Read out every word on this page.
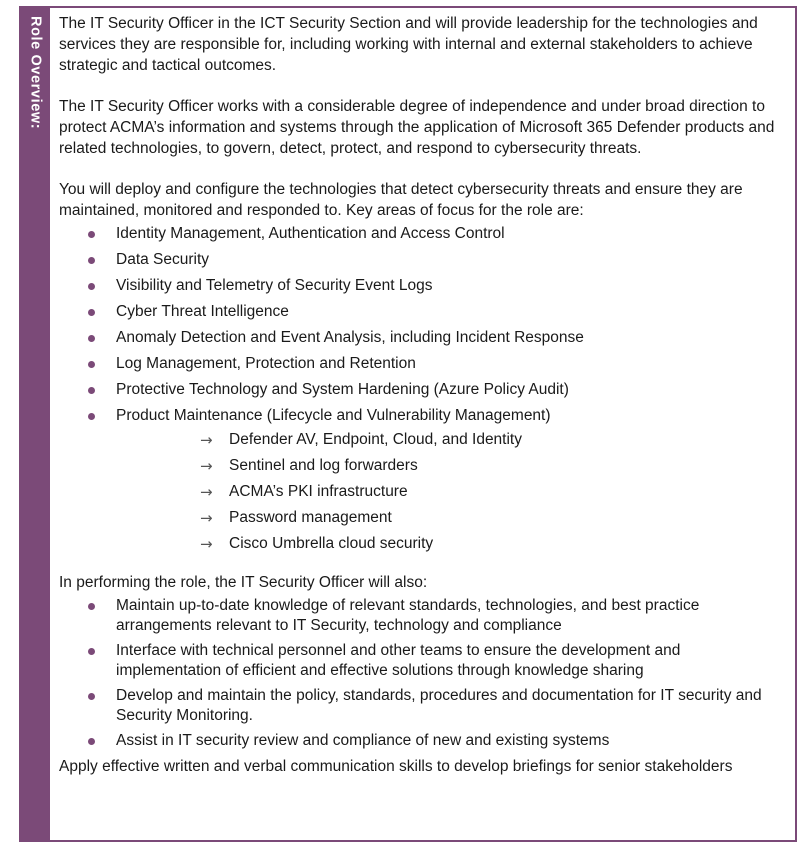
Role Overview: The IT Security Officer in the ICT Security Section and will provide leadership for the technologies and services they are responsible for, including working with internal and external stakeholders to achieve strategic and tactical outcomes.

The IT Security Officer works with a considerable degree of independence and under broad direction to protect ACMA’s information and systems through the application of Microsoft 365 Defender products and related technologies, to govern, detect, protect, and respond to cybersecurity threats.

You will deploy and configure the technologies that detect cybersecurity threats and ensure they are maintained, monitored and responded to. Key areas of focus for the role are:

Identity Management, Authentication and Access Control
Data Security
Visibility and Telemetry of Security Event Logs
Cyber Threat Intelligence
Anomaly Detection and Event Analysis, including Incident Response
Log Management, Protection and Retention
Protective Technology and System Hardening (Azure Policy Audit)
Product Maintenance (Lifecycle and Vulnerability Management)
→ Defender AV, Endpoint, Cloud, and Identity
→ Sentinel and log forwarders
→ ACMA’s PKI infrastructure
→ Password management
→ Cisco Umbrella cloud security

In performing the role, the IT Security Officer will also:

Maintain up-to-date knowledge of relevant standards, technologies, and best practice arrangements relevant to IT Security, technology and compliance
Interface with technical personnel and other teams to ensure the development and implementation of efficient and effective solutions through knowledge sharing
Develop and maintain the policy, standards, procedures and documentation for IT security and Security Monitoring.
Assist in IT security review and compliance of new and existing systems

Apply effective written and verbal communication skills to develop briefings for senior stakeholders
